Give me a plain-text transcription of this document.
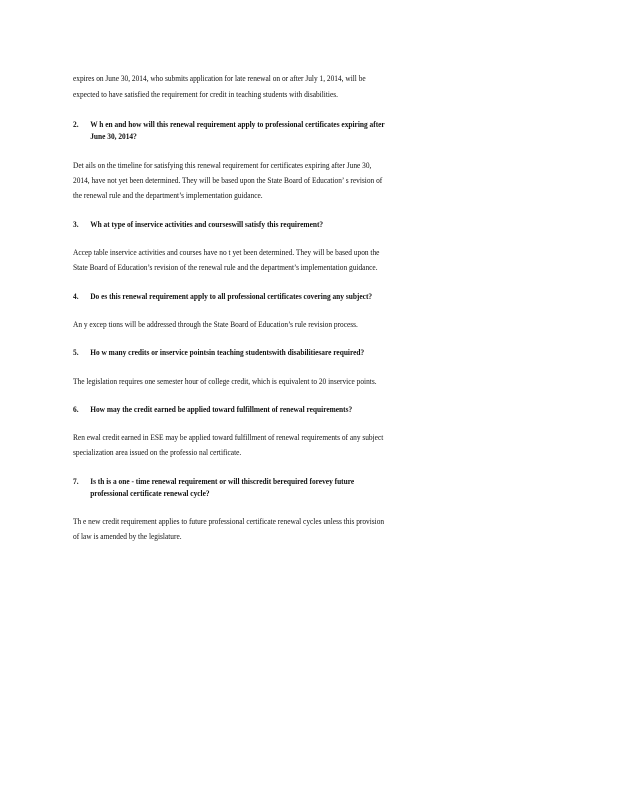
expires on June 30, 2014, who submits application for late renewal on or after July 1, 2014, will be
expected to have satisfied the requirement for credit in teaching students with disabilities.
2. W h en and how will this renewal requirement apply to professional certificates expiring after
June 30, 2014?
Det ails on the timeline for satisfying this renewal requirement for certificates expiring after June 30,
2014, have not yet been determined. They will be based upon the State Board of Education’ s revision of
the renewal rule and the department’s implementation guidance.
3. Wh at type of inservice activities and courseswill satisfy this requirement?
Accep table inservice activities and courses have no t yet been determined. They will be based upon the
State Board of Education’s revision of the renewal rule and the department’s implementation guidance.
4. Do es this renewal requirement apply to all professional certificates covering any subject?
An y excep tions will be addressed through the State Board of Education’s rule revision process.
5. Ho w many credits or inservice pointsin teaching studentswith disabilitiesare required?
The legislation requires one semester hour of college credit, which is equivalent to 20 inservice points.
6. How may the credit earned be applied toward fulfillment of renewal requirements?
Ren ewal credit earned in ESE may be applied toward fulfillment of renewal requirements of any subject
specialization area issued on the professio nal certificate.
7. Is th is a one - time renewal requirement or will thiscredit berequired forevey future
professional certificate renewal cycle?
Th e new credit requirement applies to future professional certificate renewal cycles unless this provision
of law is amended by the legislature.
